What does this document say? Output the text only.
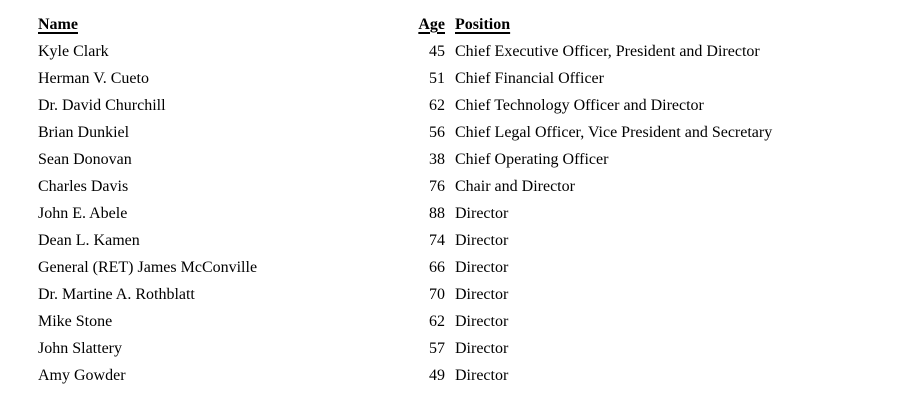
Name	Age	Position
Kyle Clark	45	Chief Executive Officer, President and Director
Herman V. Cueto	51	Chief Financial Officer
Dr. David Churchill	62	Chief Technology Officer and Director
Brian Dunkiel	56	Chief Legal Officer, Vice President and Secretary
Sean Donovan	38	Chief Operating Officer
Charles Davis	76	Chair and Director
John E. Abele	88	Director
Dean L. Kamen	74	Director
General (RET) James McConville	66	Director
Dr. Martine A. Rothblatt	70	Director
Mike Stone	62	Director
John Slattery	57	Director
Amy Gowder	49	Director
